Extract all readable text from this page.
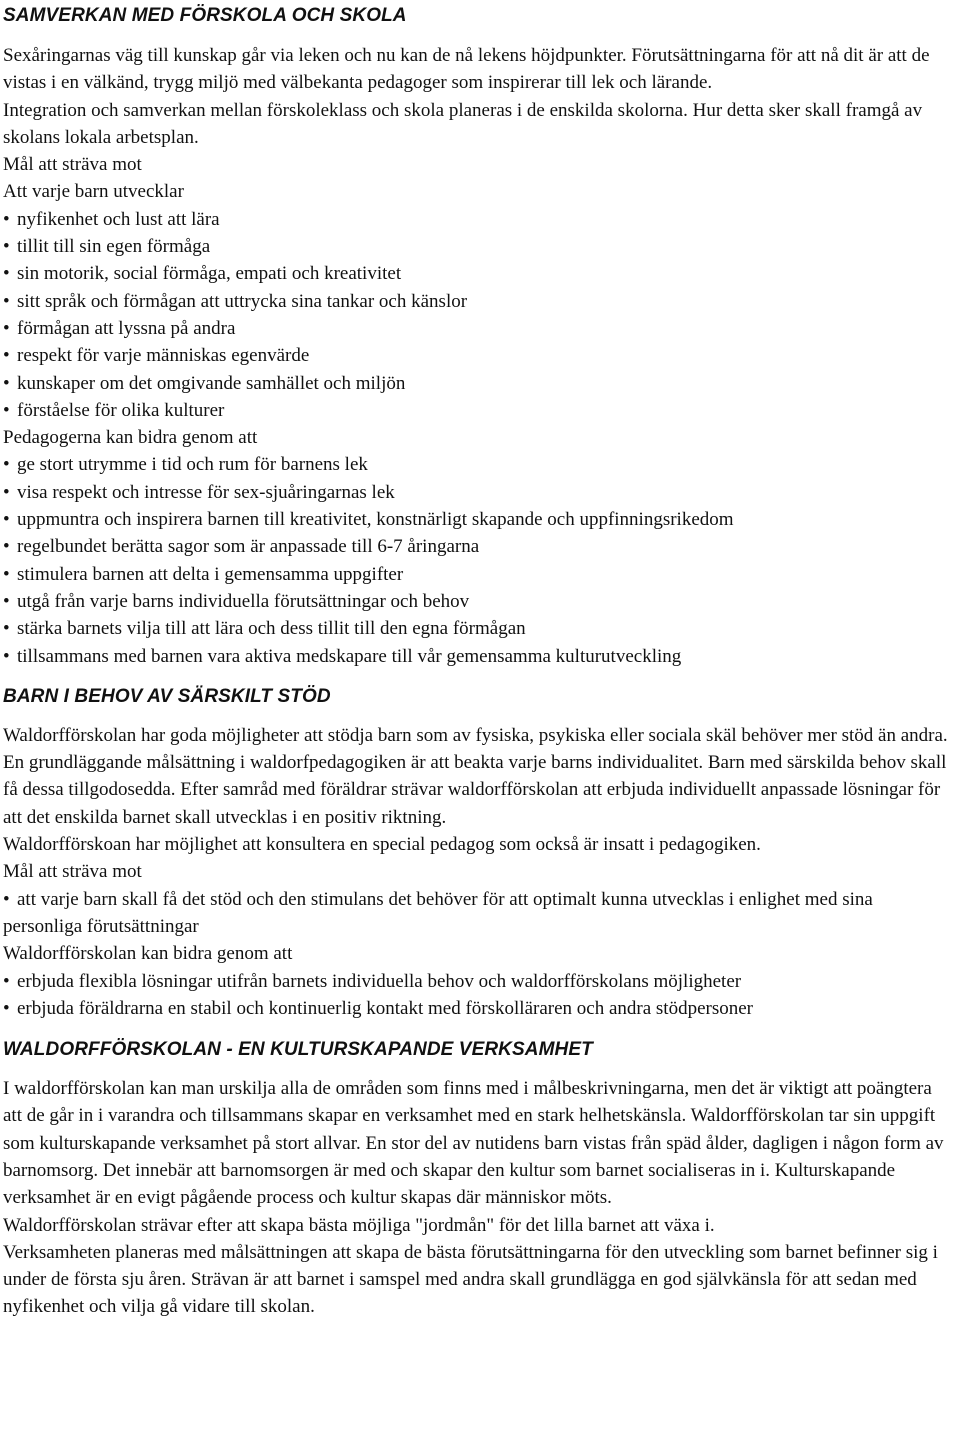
SAMVERKAN MED FÖRSKOLA OCH SKOLA

Sexåringarnas väg till kunskap går via leken och nu kan de nå lekens höjdpunkter. Förutsättningarna för att nå dit är att de vistas i en välkänd, trygg miljö med välbekanta pedagoger som inspirerar till lek och lärande.

Integration och samverkan mellan förskoleklass och skola planeras i de enskilda skolorna. Hur detta sker skall framgå av skolans lokala arbetsplan.

Mål att sträva mot

Att varje barn utvecklar

• nyfikenhet och lust att lära
• tillit till sin egen förmåga
• sin motorik, social förmåga, empati och kreativitet
• sitt språk och förmågan att uttrycka sina tankar och känslor
• förmågan att lyssna på andra
• respekt för varje människas egenvärde
• kunskaper om det omgivande samhället och miljön
• förståelse för olika kulturer

Pedagogerna kan bidra genom att

• ge stort utrymme i tid och rum för barnens lek
• visa respekt och intresse för sex-sjuåringarnas lek
• uppmuntra och inspirera barnen till kreativitet, konstnärligt skapande och uppfinningsrikedom
• regelbundet berätta sagor som är anpassade till 6-7 åringarna
• stimulera barnen att delta i gemensamma uppgifter
• utgå från varje barns individuella förutsättningar och behov
• stärka barnets vilja till att lära och dess tillit till den egna förmågan
• tillsammans med barnen vara aktiva medskapare till vår gemensamma kulturutveckling
BARN I BEHOV AV SÄRSKILT STÖD

Waldorfförskolan har goda möjligheter att stödja barn som av fysiska, psykiska eller sociala skäl behöver mer stöd än andra. En grundläggande målsättning i waldorfpedagogiken är att beakta varje barns individualitet. Barn med särskilda behov skall få dessa tillgodosedda. Efter samråd med föräldrar strävar waldorfförskolan att erbjuda individuellt anpassade lösningar för att det enskilda barnet skall utvecklas i en positiv riktning.

Waldorfförskoan har möjlighet att konsultera en special pedagog som också är insatt i pedagogiken.

Mål att sträva mot

• att varje barn skall få det stöd och den stimulans det behöver för att optimalt kunna utvecklas i enlighet med sina personliga förutsättningar

Waldorfförskolan kan bidra genom att

• erbjuda flexibla lösningar utifrån barnets individuella behov och waldorfförskolans möjligheter
• erbjuda föräldrarna en stabil och kontinuerlig kontakt med förskollärаren och andra stödpersoner
WALDORFFÖRSKOLAN - EN KULTURSKAPANDE VERKSAMHET

I waldorfförskolan kan man urskilja alla de områden som finns med i målbeskrivningarna, men det är viktigt att poängtera att de går in i varandra och tillsammans skapar en verksamhet med en stark helhetskänsla. Waldorfförskolan tar sin uppgift som kulturskapande verksamhet på stort allvar. En stor del av nutidens barn vistas från späd ålder, dagligen i någon form av barnomsorg. Det innebär att barnomsorgen är med och skapar den kultur som barnet socialiseras in i. Kulturskapande verksamhet är en evigt pågående process och kultur skapas där människor möts.

Waldorfförskolan strävar efter att skapa bästa möjliga "jordmån" för det lilla barnet att växa i.

Verksamheten planeras med målsättningen att skapa de bästa förutsättningarna för den utveckling som barnet befinner sig i under de första sju åren. Strävan är att barnet i samspel med andra skall grundlägga en god självkänsla för att sedan med nyfikenhet och vilja gå vidare till skolan.
